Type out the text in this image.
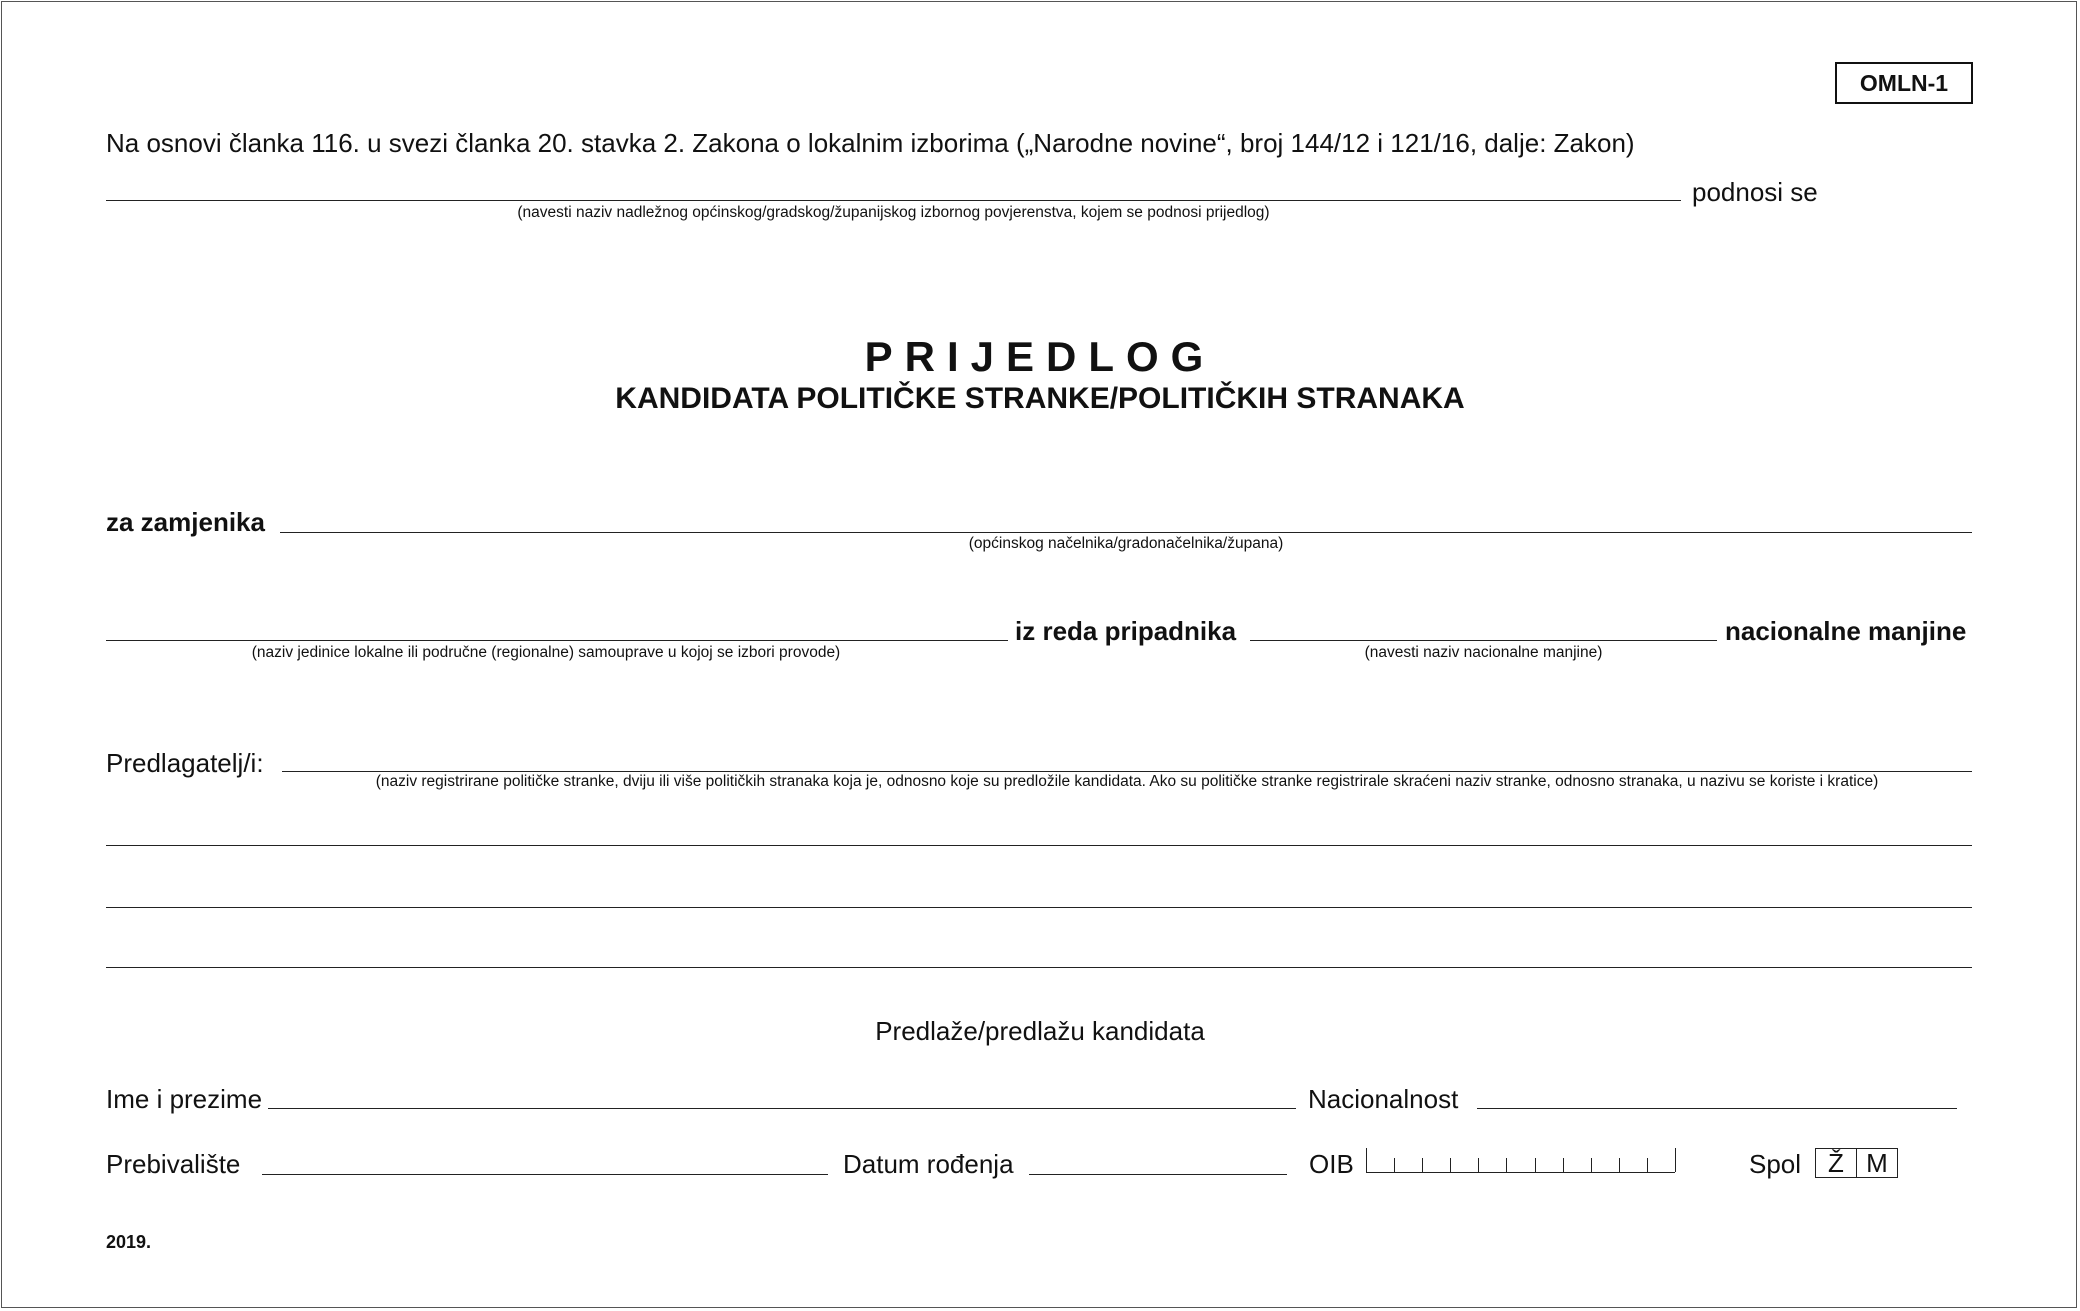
OMLN-1
Na osnovi članka 116. u svezi članka 20. stavka 2. Zakona o lokalnim izborima („Narodne novine“, broj 144/12 i 121/16, dalje: Zakon)
podnosi se
(navesti naziv nadležnog općinskog/gradskog/županijskog izbornog povjerenstva, kojem se podnosi prijedlog)
PRIJEDLOG
KANDIDATA POLITIČKE STRANKE/POLITIČKIH STRANAKA
za zamjenika
(općinskog načelnika/gradonačelnika/župana)
(naziv jedinice lokalne ili područne (regionalne) samouprave u kojoj se izbori provode)
iz reda pripadnika
(navesti naziv nacionalne manjine)
nacionalne manjine
Predlagatelj/i:
(naziv registrirane političke stranke, dviju ili više političkih stranaka koja je, odnosno koje su predložile kandidata. Ako su političke stranke registrirale skraćeni naziv stranke, odnosno stranaka, u nazivu se koriste i kratice)
Predlaže/predlažu kandidata
Ime i prezime	Nacionalnost
Prebivalište	Datum rođenja	OIB	Spol	Ž M
2019.
